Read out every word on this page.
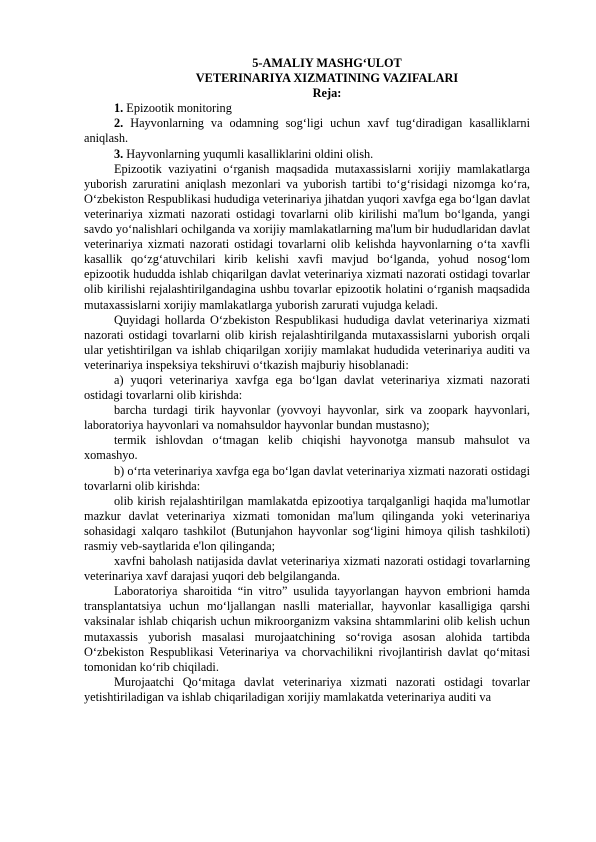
5-AMALIY MASHG‘ULOT
VETERINARIYA XIZMATINING VAZIFALARI
Reja:

1. Epizootik monitoring

2. Hayvonlarning va odamning sog‘ligi uchun xavf tug‘diradigan kasalliklarni aniqlash.

3. Hayvonlarning yuqumli kasalliklarini oldini olish.

Epizootik vaziyatini o‘rganish maqsadida mutaxassislarni xorijiy mamlakatlarga yuborish zaruratini aniqlash mezonlari va yuborish tartibi to‘g‘risidagi nizomga ko‘ra, O‘zbekiston Respublikasi hududiga veterinariya jihatdan yuqori xavfga ega bo‘lgan davlat veterinariya xizmati nazorati ostidagi tovarlarni olib kirilishi ma'lum bo‘lganda, yangi savdo yo‘nalishlari ochilganda va xorijiy mamlakatlarning ma'lum bir hududlaridan davlat veterinariya xizmati nazorati ostidagi tovarlarni olib kelishda hayvonlarning o‘ta xavfli kasallik qo‘zg‘atuvchilari kirib kelishi xavfi mavjud bo‘lganda, yohud nosog‘lom epizootik hududda ishlab chiqarilgan davlat veterinariya xizmati nazorati ostidagi tovarlar olib kirilishi rejalashtirilgandagina ushbu tovarlar epizootik holatini o‘rganish maqsadida mutaxassislarni xorijiy mamlakatlarga yuborish zarurati vujudga keladi.

Quyidagi hollarda O‘zbekiston Respublikasi hududiga davlat veterinariya xizmati nazorati ostidagi tovarlarni olib kirish rejalashtirilganda mutaxassislarni yuborish orqali ular yetishtirilgan va ishlab chiqarilgan xorijiy mamlakat hududida veterinariya auditi va veterinariya inspeksiya tekshiruvi o‘tkazish majburiy hisoblanadi:

a) yuqori veterinariya xavfga ega bo‘lgan davlat veterinariya xizmati nazorati ostidagi tovarlarni olib kirishda:

barcha turdagi tirik hayvonlar (yovvoyi hayvonlar, sirk va zoopark hayvonlari, laboratoriya hayvonlari va nomahsuldor hayvonlar bundan mustasno);

termik ishlovdan o‘tmagan kelib chiqishi hayvonotga mansub mahsulot va xomashyo.

b) o‘rta veterinariya xavfga ega bo‘lgan davlat veterinariya xizmati nazorati ostidagi tovarlarni olib kirishda:

olib kirish rejalashtirilgan mamlakatda epizootiya tarqalganligi haqida ma'lumotlar mazkur davlat veterinariya xizmati tomonidan ma'lum qilinganda yoki veterinariya sohasidagi xalqaro tashkilot (Butunjahon hayvonlar sog‘ligini himoya qilish tashkiloti) rasmiy veb-saytlarida e'lon qilinganda;

xavfni baholash natijasida davlat veterinariya xizmati nazorati ostidagi tovarlarning veterinariya xavf darajasi yuqori deb belgilanganda.

Laboratoriya sharoitida “in vitro” usulida tayyorlangan hayvon embrioni hamda transplantatsiya uchun mo‘ljallangan naslli materiallar, hayvonlar kasalligiga qarshi vaksinalar ishlab chiqarish uchun mikroorganizm vaksina shtammlarini olib kelish uchun mutaxassis yuborish masalasi murojaatchining so‘roviga asosan alohida tartibda O‘zbekiston Respublikasi Veterinariya va chorvachilikni rivojlantirish davlat qo‘mitasi tomonidan ko‘rib chiqiladi.

Murojaatchi Qo‘mitaga davlat veterinariya xizmati nazorati ostidagi tovarlar yetishtiriladigan va ishlab chiqariladigan xorijiy mamlakatda veterinariya auditi va
